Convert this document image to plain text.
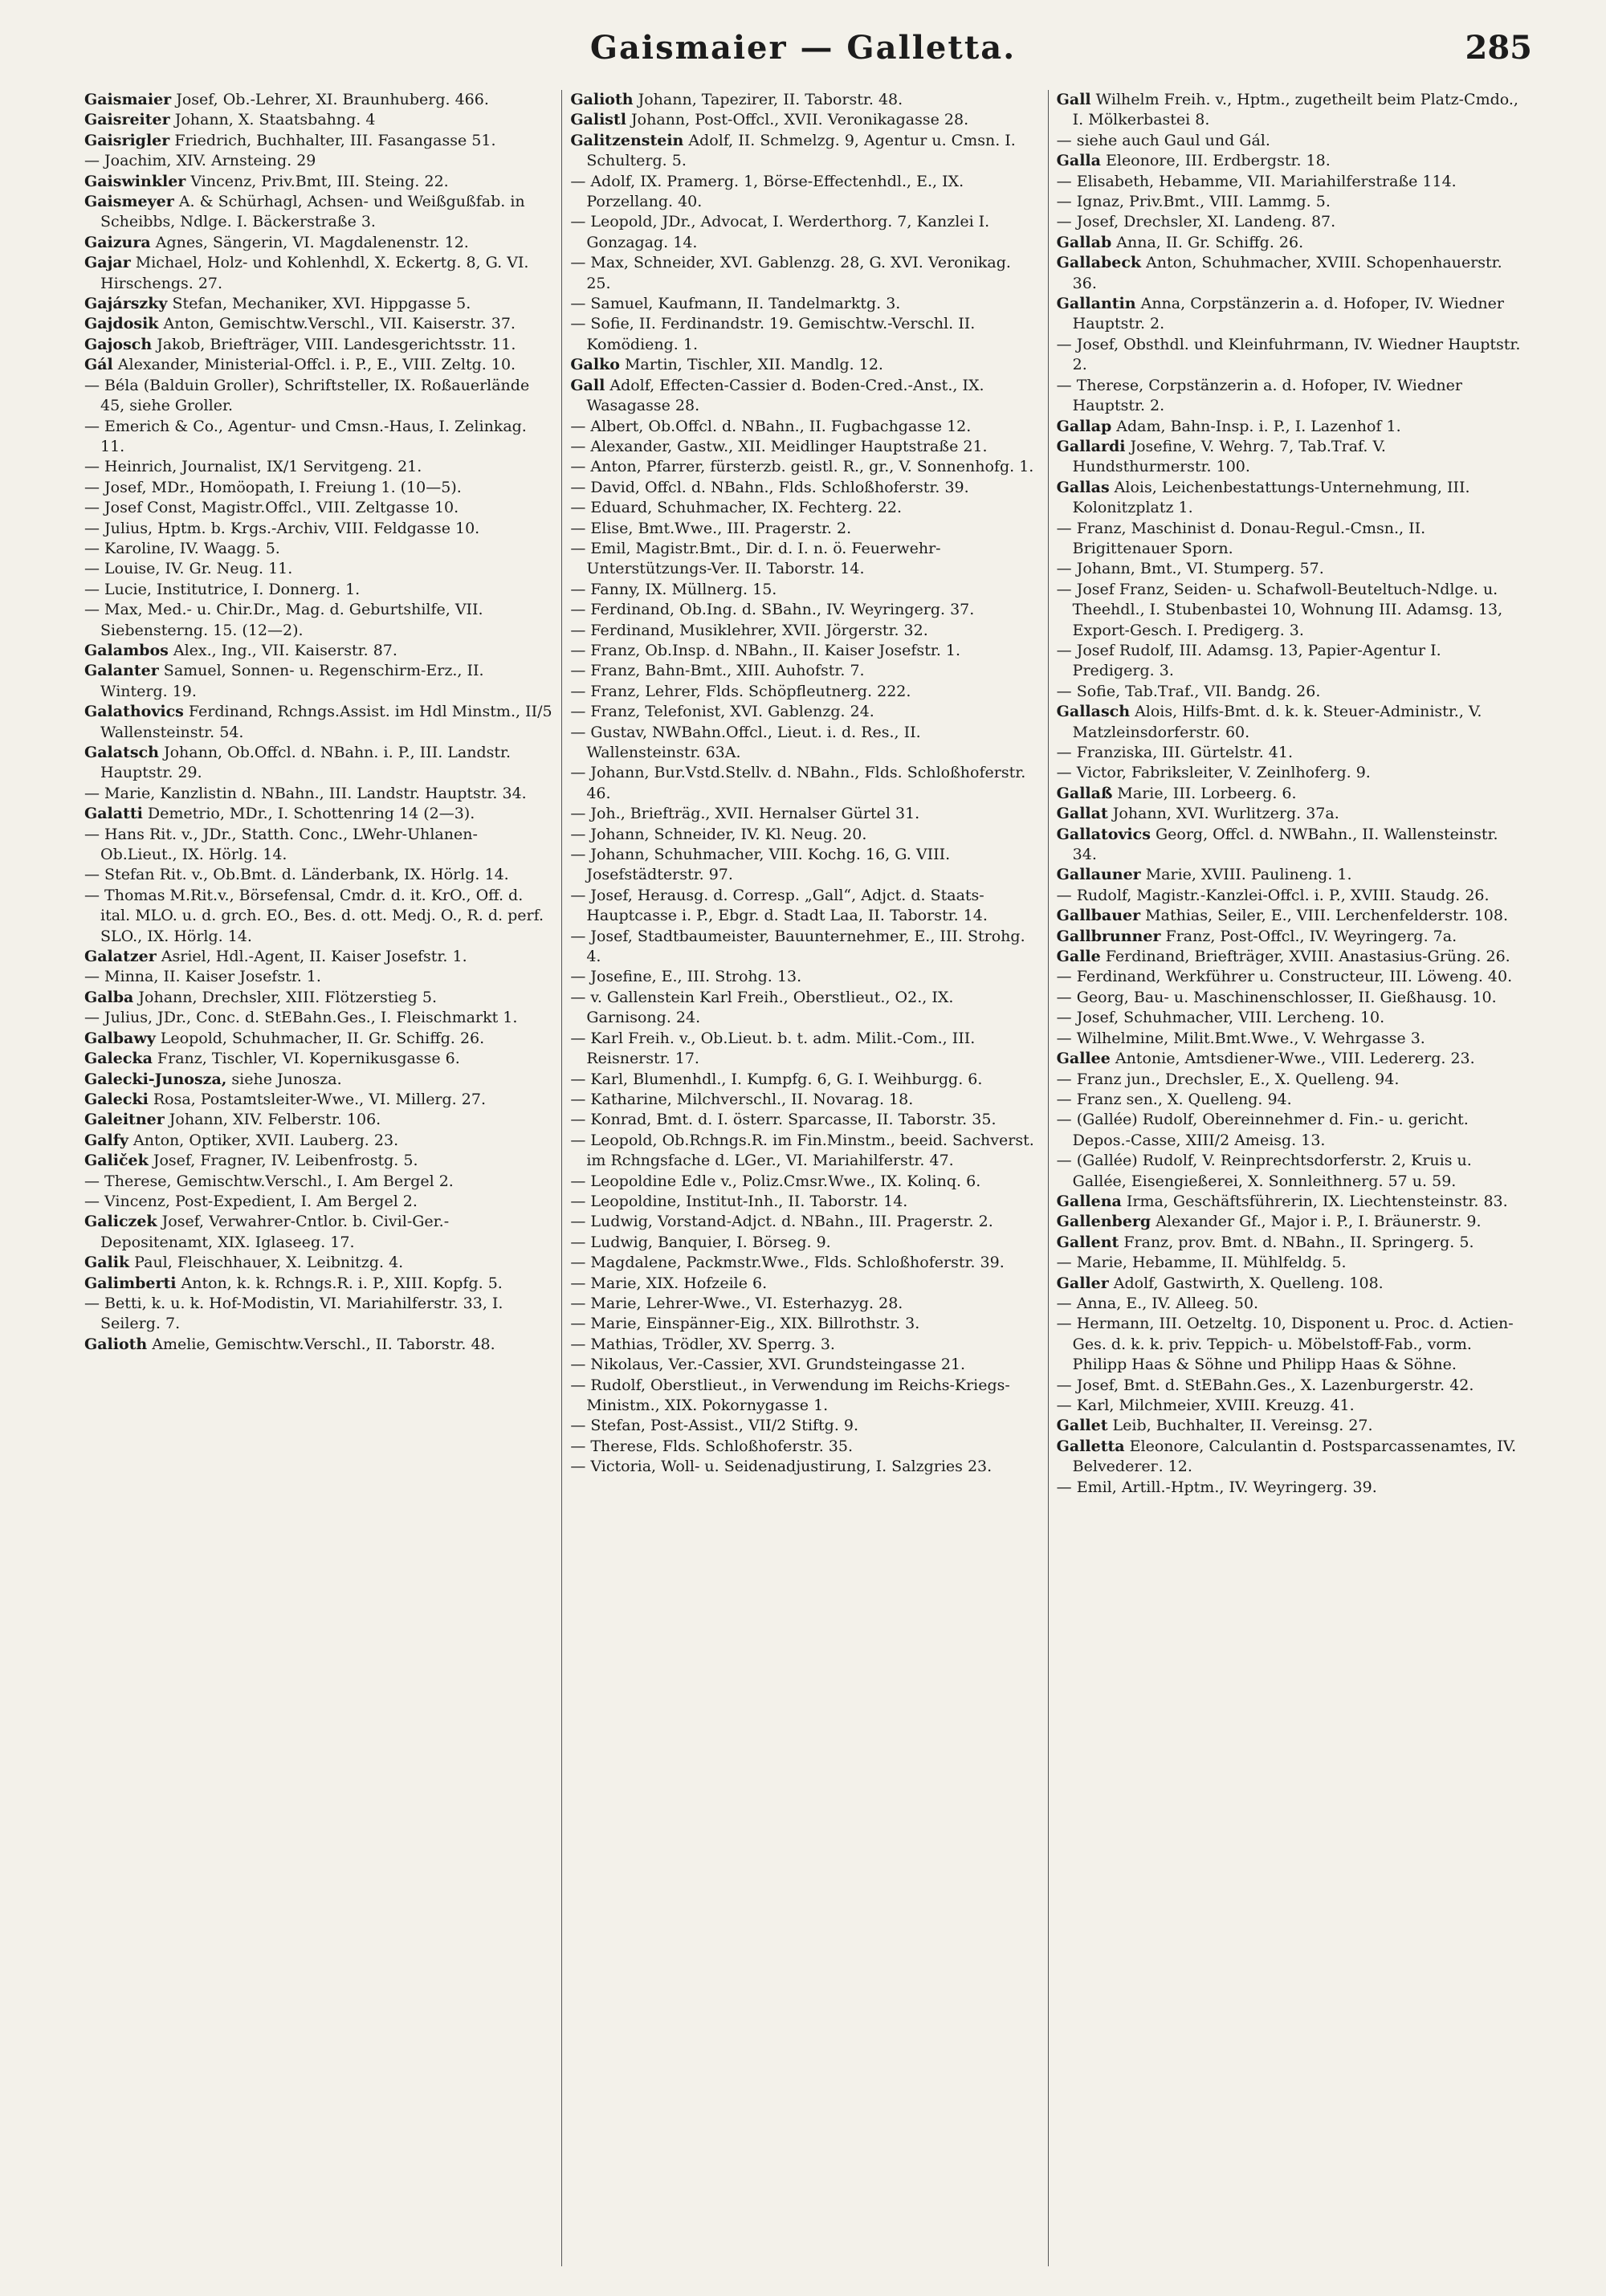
Gaismaier — Galletta.	285
Gaismaier Josef, Ob.-Lehrer, XI. Braunhuberg. 466.
Gaisreiter Johann, X. Staatsbahng. 4
Gaisrigler Friedrich, Buchhalter, III. Fasangasse 51.
— Joachim, XIV. Arnsteing. 29
Gaiswinkler Vincenz, Priv.Bmt, III. Steing. 22.
Gaismeyer A. & Schürhagl, Achsen- und Weißgußfab. in Scheibbs, Ndlge. I. Bäckerstraße 3.
Gaizura Agnes, Sängerin, VI. Magdalenenstr. 12.
Gajar Michael, Holz- und Kohlenhdl, X. Eckertg. 8, G. VI. Hirschengs. 27.
Gajárszky Stefan, Mechaniker, XVI. Hippgasse 5.
Gajdosik Anton, Gemischtw.Verschl., VII. Kaiserstr. 37.
Gajosch Jakob, Briefträger, VIII. Landesgerichtsstr. 11.
Gál Alexander, Ministerial-Offcl. i. P., E., VIII. Zeltg. 10.
— Béla (Balduin Groller), Schriftsteller, IX. Roßauerlände 45, siehe Groller.
— Emerich & Co., Agentur- und Cmsn.-Haus, I. Zelinkag. 11.
— Heinrich, Journalist, IX/1 Servitgeng. 21.
— Josef, MDr., Homöopath, I. Freiung 1. (10—5).
— Josef Const, Magistr.Offcl., VIII. Zeltgasse 10.
— Julius, Hptm. b. Krgs.-Archiv, VIII. Feldgasse 10.
— Karoline, IV. Waagg. 5.
— Louise, IV. Gr. Neug. 11.
— Lucie, Institutrice, I. Donnerg. 1.
— Max, Med.- u. Chir.Dr., Mag. d. Geburtshilfe, VII. Siebensterng. 15. (12—2).
Galambos Alex., Ing., VII. Kaiserstr. 87.
Galanter Samuel, Sonnen- u. Regenschirm-Erz., II. Winterg. 19.
Galathovics Ferdinand, Rchngs.Assist. im Hdl Minstm., II/5 Wallensteinstr. 54.
Galatsch Johann, Ob.Offcl. d. NBahn. i. P., III. Landstr. Hauptstr. 29.
— Marie, Kanzlistin d. NBahn., III. Landstr. Hauptstr. 34.
Galatti Demetrio, MDr., I. Schottenring 14 (2—3).
— Hans Rit. v., JDr., Statth. Conc., LWehr-Uhlanen-Ob.Lieut., IX. Hörlg. 14.
— Stefan Rit. v., Ob.Bmt. d. Länderbank, IX. Hörlg. 14.
— Thomas M.Rit.v., Börsefensal, Cmdr. d. it. KrO., Off. d. ital. MLO. u. d. grch. EO., Bes. d. ott. Medj. O., R. d. perf. SLO., IX. Hörlg. 14.
Galatzer Asriel, Hdl.-Agent, II. Kaiser Josefstr. 1.
— Minna, II. Kaiser Josefstr. 1.
Galba Johann, Drechsler, XIII. Flötzerstieg 5.
— Julius, JDr., Conc. d. StEBahn.Ges., I. Fleischmarkt 1.
Galbawy Leopold, Schuhmacher, II. Gr. Schiffg. 26.
Galecka Franz, Tischler, VI. Kopernikusgasse 6.
Galecki-Junosza, siehe Junosza.
Galecki Rosa, Postamtsleiter-Wwe., VI. Millerg. 27.
Galeitner Johann, XIV. Felberstr. 106.
Galfy Anton, Optiker, XVII. Lauberg. 23.
Galiček Josef, Fragner, IV. Leibenfrostg. 5.
— Therese, Gemischtw.Verschl., I. Am Bergel 2.
— Vincenz, Post-Expedient, I. Am Bergel 2.
Galiczek Josef, Verwahrer-Cntlor. b. Civil-Ger.-Depositenamt, XIX. Iglaseeg. 17.
Galik Paul, Fleischhauer, X. Leibnitzg. 4.
Galimberti Anton, k. k. Rchngs.R. i. P., XIII. Kopfg. 5.
— Betti, k. u. k. Hof-Modistin, VI. Mariahilferstr. 33, I. Seilerg. 7.
Galioth Amelie, Gemischtw.Verschl., II. Taborstr. 48.
Galioth Johann, Tapezirer, II. Taborstr. 48.
Galistl Johann, Post-Offcl., XVII. Veronikagasse 28.
Galitzenstein Adolf, II. Schmelzg. 9, Agentur u. Cmsn. I. Schulterg. 5.
— Adolf, IX. Pramerg. 1, Börse-Effectenhdl., E., IX. Porzellang. 40.
— Leopold, JDr., Advocat, I. Werderthorg. 7, Kanzlei I. Gonzagag. 14.
— Max, Schneider, XVI. Gablenzg. 28, G. XVI. Veronikag. 25.
— Samuel, Kaufmann, II. Tandelmarktg. 3.
— Sofie, II. Ferdinandstr. 19. Gemischtw.-Verschl. II. Komödieng. 1.
Galko Martin, Tischler, XII. Mandlg. 12.
Gall Adolf, Effecten-Cassier d. Boden-Cred.-Anst., IX. Wasagasse 28.
— Albert, Ob.Offcl. d. NBahn., II. Fugbachgasse 12.
— Alexander, Gastw., XII. Meidlinger Hauptstraße 21.
— Anton, Pfarrer, fürsterzb. geistl. R., gr., V. Sonnenhofg. 1.
— David, Offcl. d. NBahn., Flds. Schloßhoferstr. 39.
— Eduard, Schuhmacher, IX. Fechterg. 22.
— Elise, Bmt.Wwe., III. Pragerstr. 2.
— Emil, Magistr.Bmt., Dir. d. I. n. ö. Feuerwehr-Unterstützungs-Ver. II. Taborstr. 14.
— Fanny, IX. Müllnerg. 15.
— Ferdinand, Ob.Ing. d. SBahn., IV. Weyringerg. 37.
— Ferdinand, Musiklehrer, XVII. Jörgerstr. 32.
— Franz, Ob.Insp. d. NBahn., II. Kaiser Josefstr. 1.
— Franz, Bahn-Bmt., XIII. Auhofstr. 7.
— Franz, Lehrer, Flds. Schöpfleutnerg. 222.
— Franz, Telefonist, XVI. Gablenzg. 24.
— Gustav, NWBahn.Offcl., Lieut. i. d. Res., II. Wallensteinstr. 63A.
— Johann, Bur.Vstd.Stellv. d. NBahn., Flds. Schloßhoferstr. 46.
— Joh., Briefträg., XVII. Hernalser Gürtel 31.
— Johann, Schneider, IV. Kl. Neug. 20.
— Johann, Schuhmacher, VIII. Kochg. 16, G. VIII. Josefstädterstr. 97.
— Josef, Herausg. d. Corresp. „Gall“, Adjct. d. Staats-Hauptcasse i. P., Ebgr. d. Stadt Laa, II. Taborstr. 14.
— Josef, Stadtbaumeister, Bauunternehmer, E., III. Strohg. 4.
— Josefine, E., III. Strohg. 13.
— v. Gallenstein Karl Freih., Oberstlieut., O2., IX. Garnisong. 24.
— Karl Freih. v., Ob.Lieut. b. t. adm. Milit.-Com., III. Reisnerstr. 17.
— Karl, Blumenhdl., I. Kumpfg. 6, G. I. Weihburgg. 6.
— Katharine, Milchverschl., II. Novarag. 18.
— Konrad, Bmt. d. I. österr. Sparcasse, II. Taborstr. 35.
— Leopold, Ob.Rchngs.R. im Fin.Minstm., beeid. Sachverst. im Rchngsfache d. LGer., VI. Mariahilferstr. 47.
— Leopoldine Edle v., Poliz.Cmsr.Wwe., IX. Kolinq. 6.
— Leopoldine, Institut-Inh., II. Taborstr. 14.
— Ludwig, Vorstand-Adjct. d. NBahn., III. Pragerstr. 2.
— Ludwig, Banquier, I. Börseg. 9.
— Magdalene, Packmstr.Wwe., Flds. Schloßhoferstr. 39.
— Marie, XIX. Hofzeile 6.
— Marie, Lehrer-Wwe., VI. Esterhazyg. 28.
— Marie, Einspänner-Eig., XIX. Billrothstr. 3.
— Mathias, Trödler, XV. Sperrg. 3.
— Nikolaus, Ver.-Cassier, XVI. Grundsteingasse 21.
— Rudolf, Oberstlieut., in Verwendung im Reichs-Kriegs-Ministm., XIX. Pokornygasse 1.
— Stefan, Post-Assist., VII/2 Stiftg. 9.
— Therese, Flds. Schloßhoferstr. 35.
— Victoria, Woll- u. Seidenadjustirung, I. Salzgries 23.
Gall Wilhelm Freih. v., Hptm., zugetheilt beim Platz-Cmdo., I. Mölkerbastei 8.
— siehe auch Gaul und Gál.
Galla Eleonore, III. Erdbergstr. 18.
— Elisabeth, Hebamme, VII. Mariahilferstraße 114.
— Ignaz, Priv.Bmt., VIII. Lammg. 5.
— Josef, Drechsler, XI. Landeng. 87.
Gallab Anna, II. Gr. Schiffg. 26.
Gallabeck Anton, Schuhmacher, XVIII. Schopenhauerstr. 36.
Gallantin Anna, Corpstänzerin a. d. Hofoper, IV. Wiedner Hauptstr. 2.
— Josef, Obsthdl. und Kleinfuhrmann, IV. Wiedner Hauptstr. 2.
— Therese, Corpstänzerin a. d. Hofoper, IV. Wiedner Hauptstr. 2.
Gallap Adam, Bahn-Insp. i. P., I. Lazenhof 1.
Gallardi Josefine, V. Wehrg. 7, Tab.Traf. V. Hundsthurmerstr. 100.
Gallas Alois, Leichenbestattungs-Unternehmung, III. Kolonitzplatz 1.
— Franz, Maschinist d. Donau-Regul.-Cmsn., II. Brigittenauer Sporn.
— Johann, Bmt., VI. Stumperg. 57.
— Josef Franz, Seiden- u. Schafwoll-Beuteltuch-Ndlge. u. Theehdl., I. Stubenbastei 10, Wohnung III. Adamsg. 13, Export-Gesch. I. Predigerg. 3.
— Josef Rudolf, III. Adamsg. 13, Papier-Agentur I. Predigerg. 3.
— Sofie, Tab.Traf., VII. Bandg. 26.
Gallasch Alois, Hilfs-Bmt. d. k. k. Steuer-Administr., V. Matzleinsdorferstr. 60.
— Franziska, III. Gürtelstr. 41.
— Victor, Fabriksleiter, V. Zeinlhoferg. 9.
Gallaß Marie, III. Lorbeerg. 6.
Gallat Johann, XVI. Wurlitzerg. 37a.
Gallatovics Georg, Offcl. d. NWBahn., II. Wallensteinstr. 34.
Gallauner Marie, XVIII. Paulineng. 1.
— Rudolf, Magistr.-Kanzlei-Offcl. i. P., XVIII. Staudg. 26.
Gallbauer Mathias, Seiler, E., VIII. Lerchenfelderstr. 108.
Gallbrunner Franz, Post-Offcl., IV. Weyringerg. 7a.
Galle Ferdinand, Briefträger, XVIII. Anastasius-Grüng. 26.
— Ferdinand, Werkführer u. Constructeur, III. Löweng. 40.
— Georg, Bau- u. Maschinenschlosser, II. Gießhausg. 10.
— Josef, Schuhmacher, VIII. Lercheng. 10.
— Wilhelmine, Milit.Bmt.Wwe., V. Wehrgasse 3.
Gallee Antonie, Amtsdiener-Wwe., VIII. Ledererg. 23.
— Franz jun., Drechsler, E., X. Quelleng. 94.
— Franz sen., X. Quelleng. 94.
— (Gallée) Rudolf, Obereinnehmer d. Fin.- u. gericht. Depos.-Casse, XIII/2 Ameisg. 13.
— (Gallée) Rudolf, V. Reinprechtsdorferstr. 2, Kruis u. Gallée, Eisengießerei, X. Sonnleithnerg. 57 u. 59.
Gallena Irma, Geschäftsführerin, IX. Liechtensteinstr. 83.
Gallenberg Alexander Gf., Major i. P., I. Bräunerstr. 9.
Gallent Franz, prov. Bmt. d. NBahn., II. Springerg. 5.
— Marie, Hebamme, II. Mühlfeldg. 5.
Galler Adolf, Gastwirth, X. Quelleng. 108.
— Anna, E., IV. Alleeg. 50.
— Hermann, III. Oetzeltg. 10, Disponent u. Proc. d. Actien-Ges. d. k. k. priv. Teppich- u. Möbelstoff-Fab., vorm. Philipp Haas & Söhne und Philipp Haas & Söhne.
— Josef, Bmt. d. StEBahn.Ges., X. Lazenburgerstr. 42.
— Karl, Milchmeier, XVIII. Kreuzg. 41.
Gallet Leib, Buchhalter, II. Vereinsg. 27.
Galletta Eleonore, Calculantin d. Postsparcassenamtes, IV. Belvederег. 12.
— Emil, Artill.-Hptm., IV. Weyringerg. 39.
